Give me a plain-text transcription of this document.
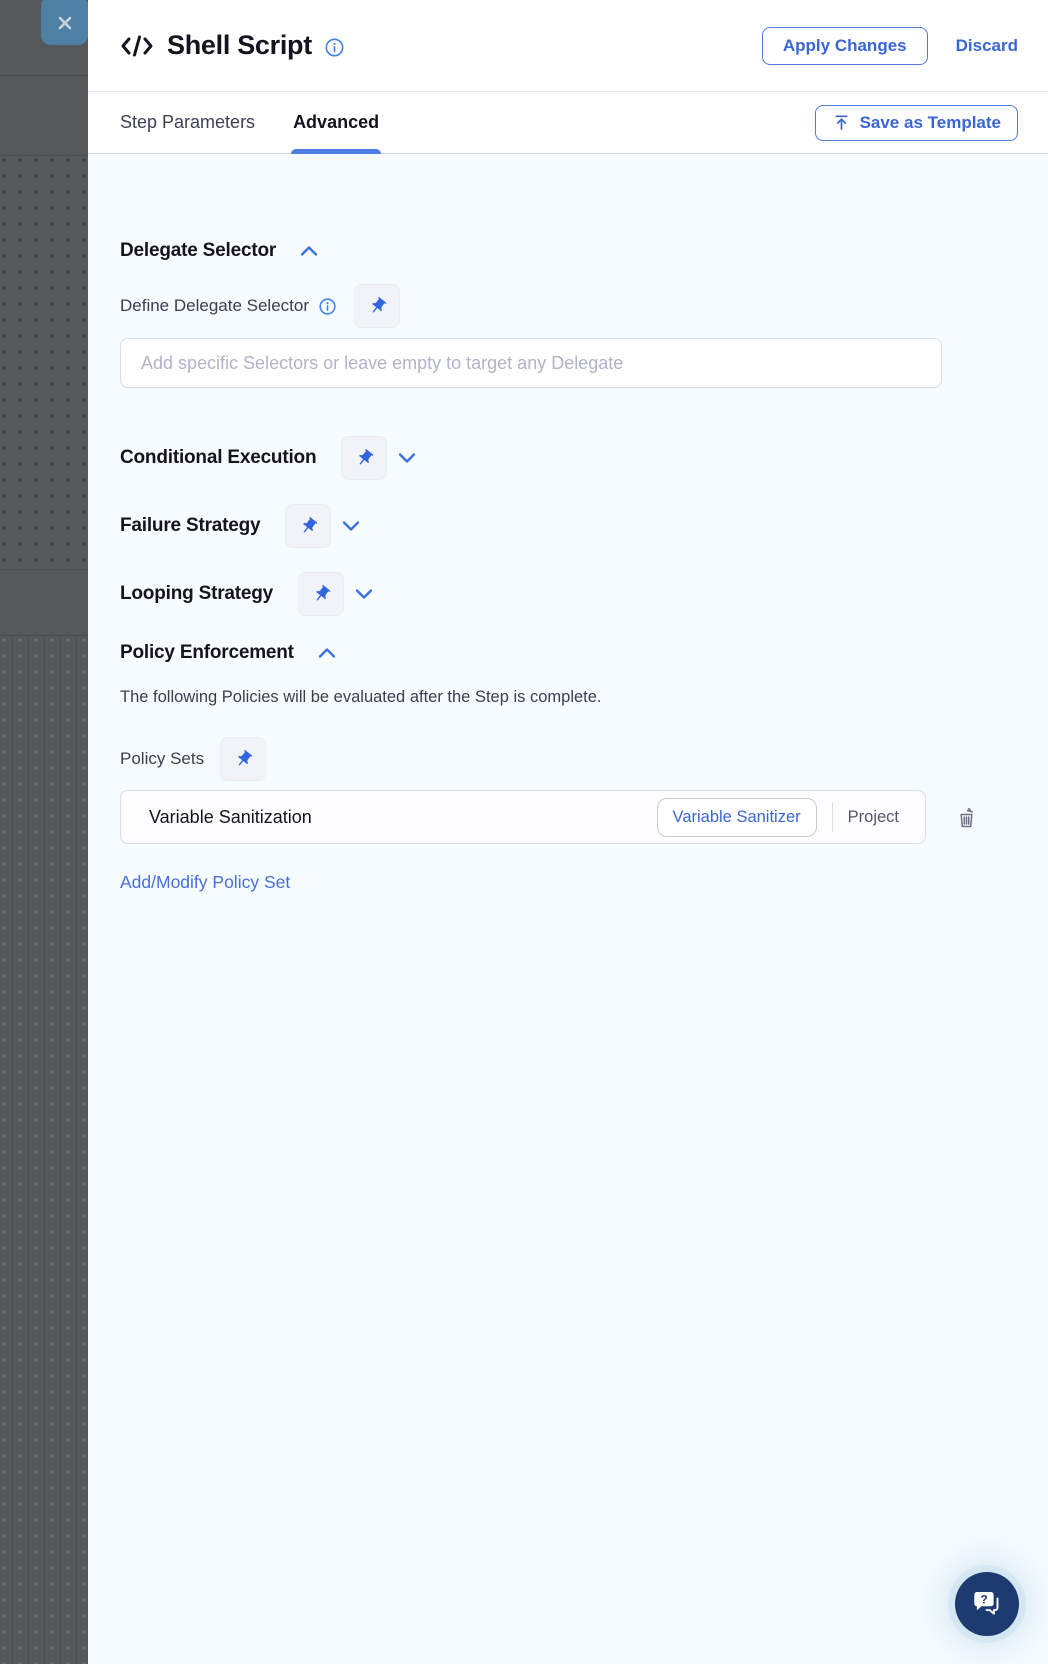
Shell Script	Apply Changes	Discard
Step Parameters Advanced	Save as Template
Delegate Selector
Define Delegate Selector
Add specific Selectors or leave empty to target any Delegate
Conditional Execution
Failure Strategy
Looping Strategy
Policy Enforcement
The following Policies will be evaluated after the Step is complete.
Policy Sets
Variable Sanitization	Variable Sanitizer	Project
Add/Modify Policy Set
?
